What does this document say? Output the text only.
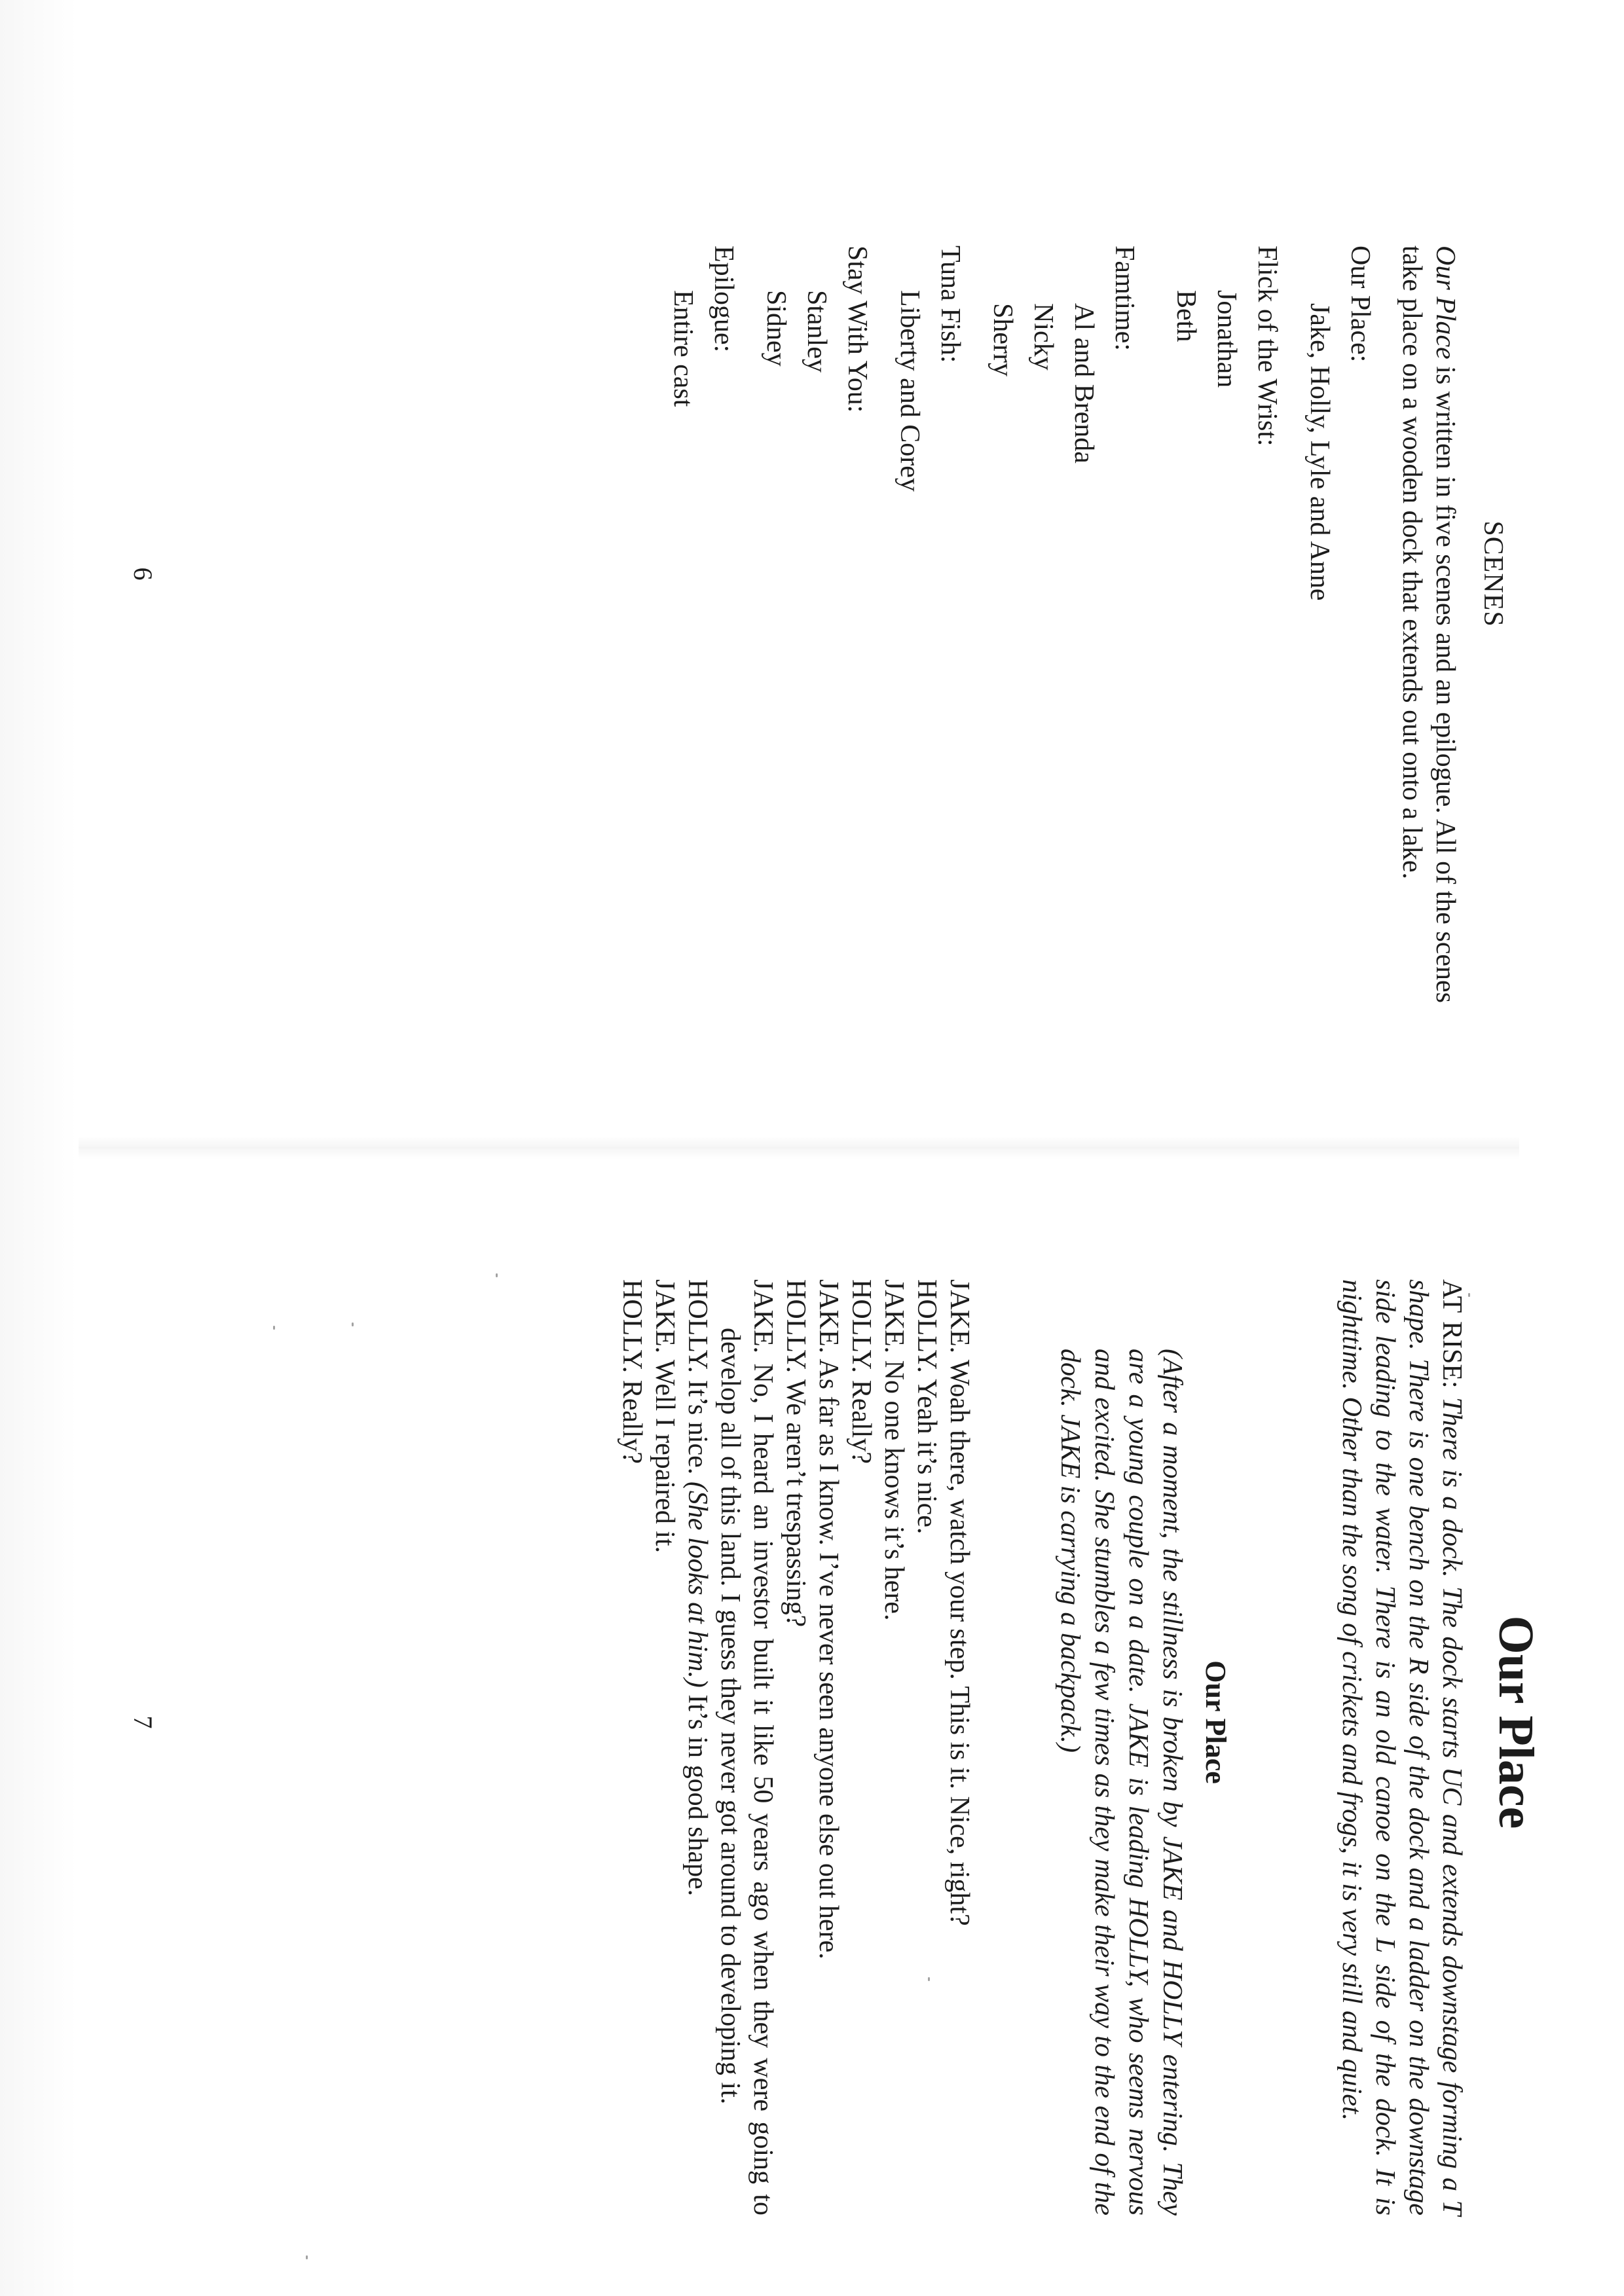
SCENES

Our Place is written in five scenes and an epilogue. All of the scenes take place on a wooden dock that extends out onto a lake.

Our Place:
Jake, Holly, Lyle and Anne
Flick of the Wrist:
Jonathan
Beth
Famtime:
Al and Brenda
Nicky
Sherry
Tuna Fish:
Liberty and Corey
Stay With You:
Stanley
Sidney
Epilogue:
Entire cast
6
Our Place
Our Place
7

AT RISE: There is a dock. The dock starts UC and extends downstage forming a T shape. There is one bench on the R side of the dock and a ladder on the downstage side leading to the water. There is an old canoe on the L side of the dock. It is nighttime. Other than the song of crickets and frogs, it is very still and quiet.

(After a moment, the stillness is broken by JAKE and HOLLY entering. They are a young couple on a date. JAKE is leading HOLLY, who seems nervous and excited. She stumbles a few times as they make their way to the end of the dock. JAKE is carrying a backpack.)

JAKE. Woah there, watch your step. This is it. Nice, right?

HOLLY. Yeah it’s nice.

JAKE. No one knows it’s here.

HOLLY. Really?

JAKE. As far as I know. I’ve never seen anyone else out here.

HOLLY. We aren’t trespassing?

JAKE. No, I heard an investor built it like 50 years ago when they were going to develop all of this land. I guess they never got around to developing it.

HOLLY. It’s nice. (She looks at him.) It’s in good shape.

JAKE. Well I repaired it.

HOLLY. Really?
